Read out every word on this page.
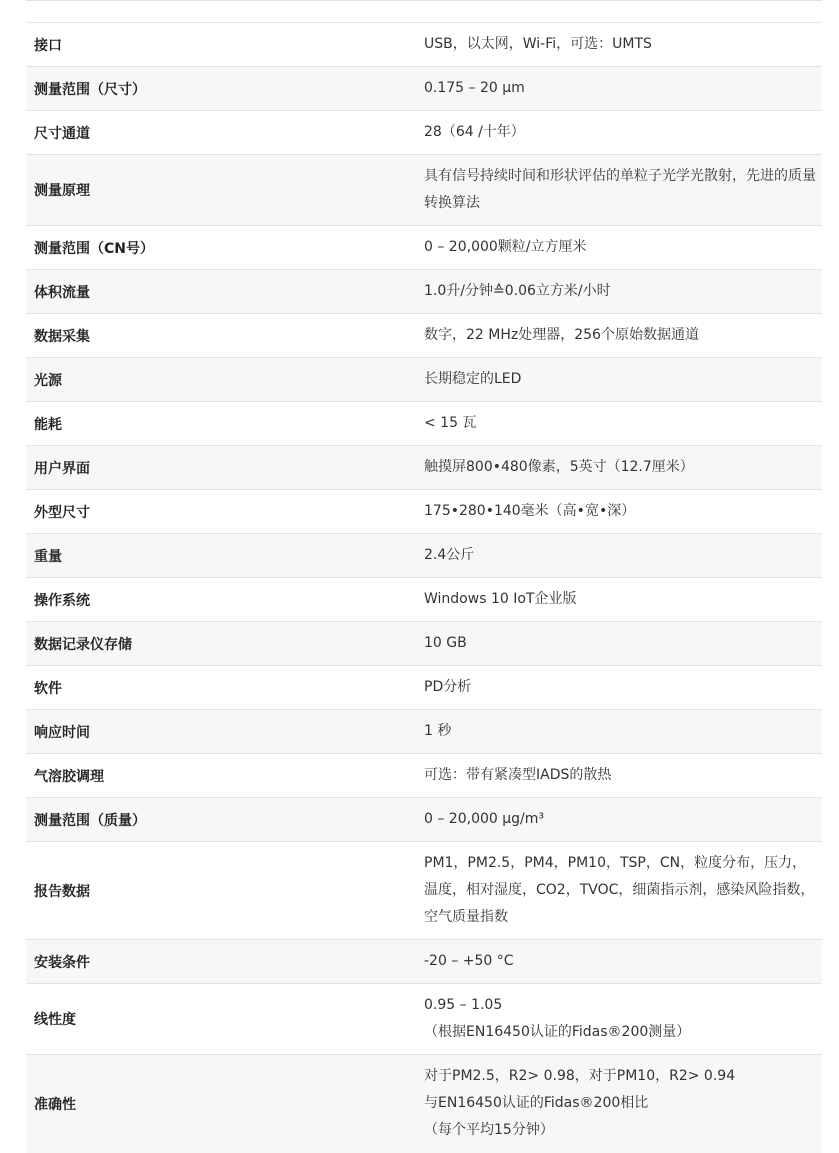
接口	USB，以太网，Wi-Fi，可选：UMTS

测量范围（尺寸）	0.175 – 20 μm

尺寸通道	28（64 /十年）

测量原理	具有信号持续时间和形状评估的单粒子光学光散射，先进的质量转换算法

测量范围（CN号）	0 – 20,000颗粒/立方厘米

体积流量	1.0升/分钟≙0.06立方米/小时

数据采集	数字，22 MHz处理器，256个原始数据通道

光源	长期稳定的LED

能耗	< 15 瓦

用户界面	触摸屏800•480像素，5英寸（12.7厘米）

外型尺寸	175•280•140毫米（高•宽•深）

重量	2.4公斤

操作系统	Windows 10 IoT企业版

数据记录仪存储	10 GB

软件	PD分析

响应时间	1 秒

气溶胶调理	可选：带有紧凑型IADS的散热

测量范围（质量）	0 – 20,000 μg/m³

报告数据	PM1，PM2.5，PM4，PM10，TSP，CN，粒度分布，压力，温度，相对湿度，CO2，TVOC，细菌指示剂，感染风险指数，空气质量指数

安装条件	-20 – +50 °C

线性度	0.95 – 1.05
（根据EN16450认证的Fidas®200测量）

准确性	对于PM2.5，R2> 0.98，对于PM10，R2> 0.94
与EN16450认证的Fidas®200相比
（每个平均15分钟）
